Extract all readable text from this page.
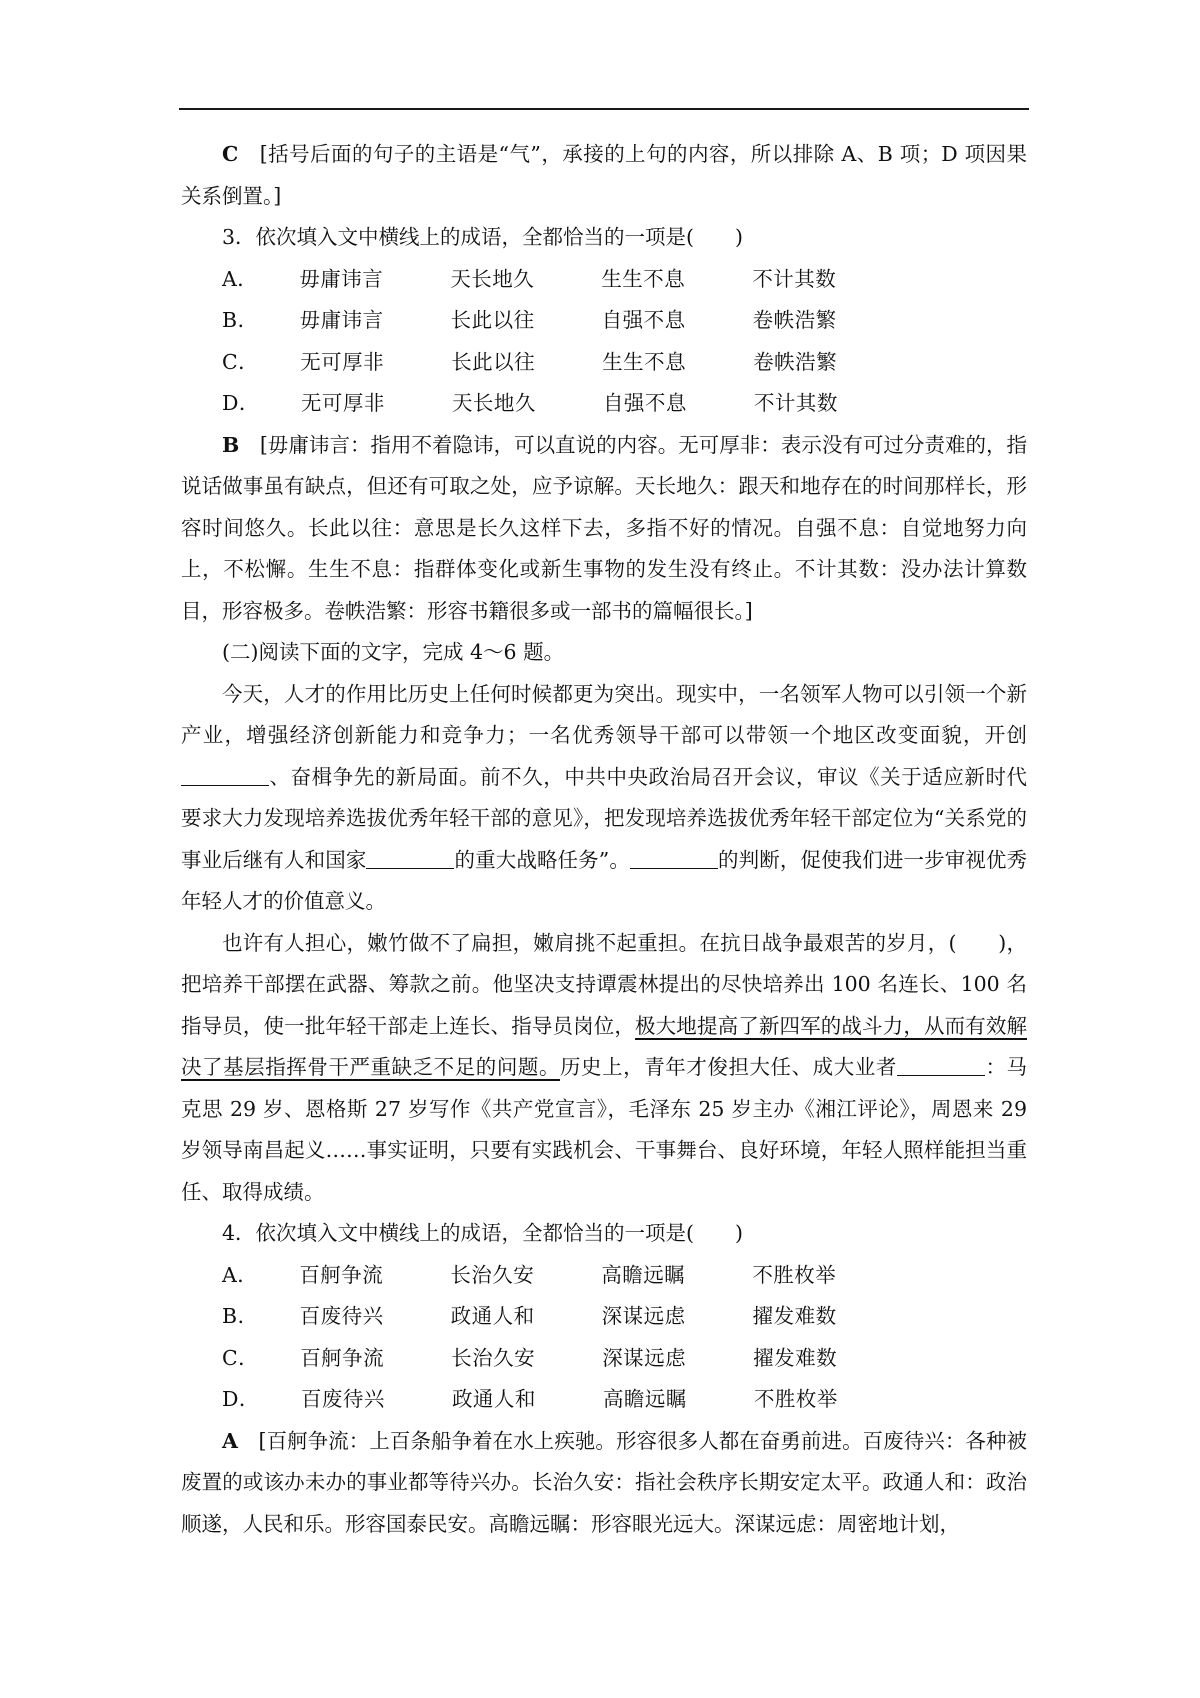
C　 [括号后面的句子的主语是“气”，承接的上句的内容，所以排除 A、B 项；D 项因果关系倒置。]

3．依次填入文中横线上的成语，全都恰当的一项是(　　)

A． 毋庸讳言	天长地久	生生不息	不计其数

B． 毋庸讳言	长此以往	自强不息	卷帙浩繁

C． 无可厚非	长此以往	生生不息	卷帙浩繁

D． 无可厚非	天长地久	自强不息	不计其数

B　 [毋庸讳言：指用不着隐讳，可以直说的内容。无可厚非：表示没有可过分责难的，指说话做事虽有缺点，但还有可取之处，应予谅解。天长地久：跟天和地存在的时间那样长，形容时间悠久。长此以往：意思是长久这样下去，多指不好的情况。自强不息：自觉地努力向上，不松懈。生生不息：指群体变化或新生事物的发生没有终止。不计其数：没办法计算数目，形容极多。卷帙浩繁：形容书籍很多或一部书的篇幅很长。]

(二)阅读下面的文字，完成 4～6 题。

今天，人才的作用比历史上任何时候都更为突出。现实中，一名领军人物可以引领一个新产业，增强经济创新能力和竞争力；一名优秀领导干部可以带领一个地区改变面貌，开创、奋楫争先的新局面。前不久，中共中央政治局召开会议，审议《关于适应新时代要求大力发现培养选拔优秀年轻干部的意见》，把发现培养选拔优秀年轻干部定位为“关系党的事业后继有人和国家	的重大战略任务”。	的判断，促使我们进一步审视优秀年轻人才的价值意义。

也许有人担心，嫩竹做不了扁担，嫩肩挑不起重担。在抗日战争最艰苦的岁月，(　　)，把培养干部摆在武器、筹款之前。他坚决支持谭震林提出的尽快培养出 100 名连长、100 名指导员，使一批年轻干部走上连长、指导员岗位，极大地提高了新四军的战斗力，从而有效解决了基层指挥骨干严重缺乏不足的问题。历史上，青年才俊担大任、成大业者	：马克思 29 岁、恩格斯 27 岁写作《共产党宣言》，毛泽东 25 岁主办《湘江评论》，周恩来 29 岁领导南昌起义……事实证明，只要有实践机会、干事舞台、良好环境，年轻人照样能担当重任、取得成绩。

4．依次填入文中横线上的成语，全都恰当的一项是(　　)

A． 百舸争流	长治久安	高瞻远瞩	不胜枚举

B． 百废待兴	政通人和	深谋远虑	擢发难数

C． 百舸争流	长治久安	深谋远虑	擢发难数

D． 百废待兴	政通人和	高瞻远瞩	不胜枚举

A　 [百舸争流：上百条船争着在水上疾驰。形容很多人都在奋勇前进。百废待兴：各种被废置的或该办未办的事业都等待兴办。长治久安：指社会秩序长期安定太平。政通人和：政治顺遂，人民和乐。形容国泰民安。高瞻远瞩：形容眼光远大。深谋远虑：周密地计划，
